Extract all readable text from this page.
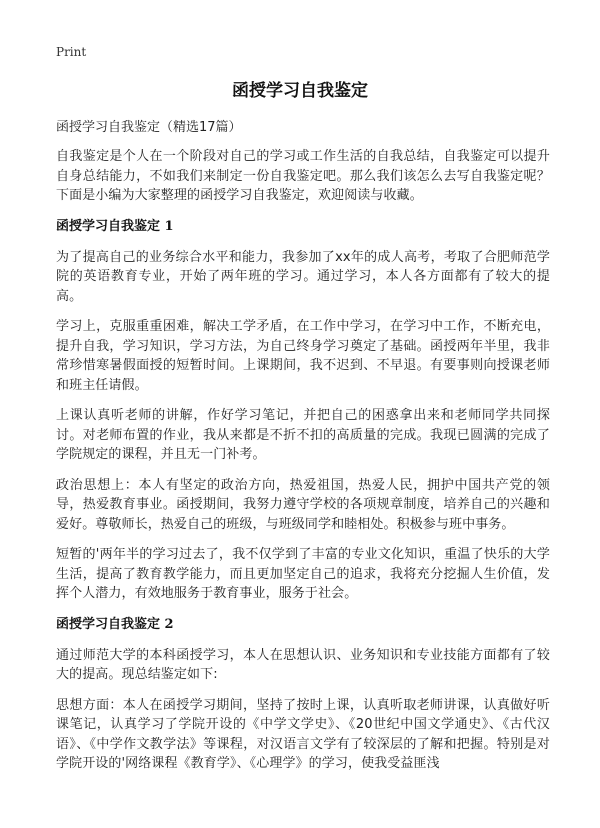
Print
函授学习自我鉴定
函授学习自我鉴定（精选17篇）

自我鉴定是个人在一个阶段对自己的学习或工作生活的自我总结，自我鉴定可以提升自身总结能力，不如我们来制定一份自我鉴定吧。那么我们该怎么去写自我鉴定呢？下面是小编为大家整理的函授学习自我鉴定，欢迎阅读与收藏。

函授学习自我鉴定 1

为了提高自己的业务综合水平和能力，我参加了xx年的成人高考，考取了合肥师范学院的英语教育专业，开始了两年班的学习。通过学习，本人各方面都有了较大的提高。

学习上，克服重重困难，解决工学矛盾，在工作中学习，在学习中工作，不断充电，提升自我，学习知识，学习方法，为自己终身学习奠定了基础。函授两年半里，我非常珍惜寒暑假面授的短暂时间。上课期间，我不迟到、不早退。有要事则向授课老师和班主任请假。

上课认真听老师的讲解，作好学习笔记，并把自己的困惑拿出来和老师同学共同探讨。对老师布置的作业，我从来都是不折不扣的高质量的完成。我现已圆满的完成了学院规定的课程，并且无一门补考。

政治思想上：本人有坚定的政治方向，热爱祖国，热爱人民，拥护中国共产党的领导，热爱教育事业。函授期间，我努力遵守学校的各项规章制度，培养自己的兴趣和爱好。尊敬师长，热爱自己的班级，与班级同学和睦相处。积极参与班中事务。

短暂的'两年半的学习过去了，我不仅学到了丰富的专业文化知识，重温了快乐的大学生活，提高了教育教学能力，而且更加坚定自己的追求，我将充分挖掘人生价值，发挥个人潜力，有效地服务于教育事业，服务于社会。

函授学习自我鉴定 2

通过师范大学的本科函授学习，本人在思想认识、业务知识和专业技能方面都有了较大的提高。现总结鉴定如下:

思想方面：本人在函授学习期间，坚持了按时上课，认真听取老师讲课，认真做好听课笔记，认真学习了学院开设的《中学文学史》、《20世纪中国文学通史》、《古代汉语》、《中学作文教学法》等课程，对汉语言文学有了较深层的了解和把握。特别是对学院开设的'网络课程《教育学》、《心理学》的学习，使我受益匪浅
